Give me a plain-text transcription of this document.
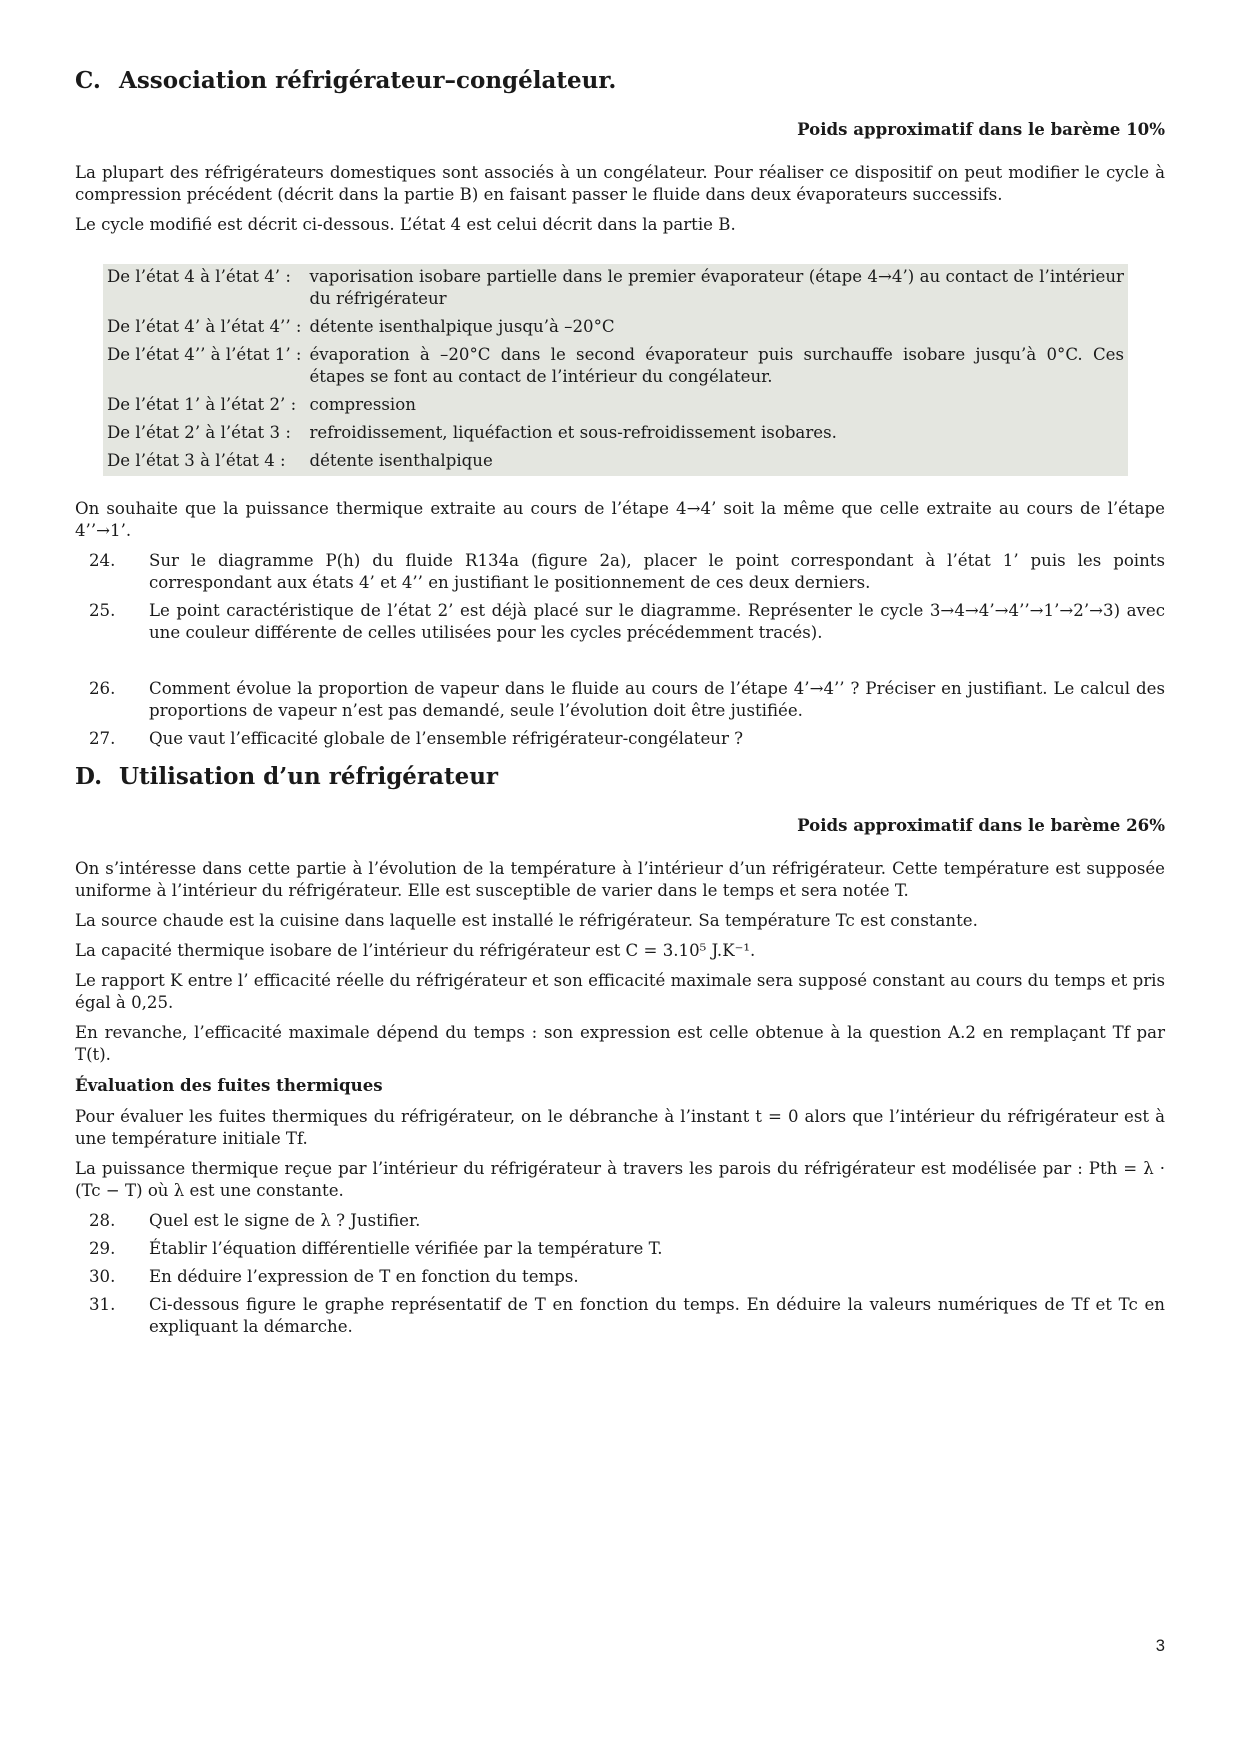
C. Association réfrigérateur–congélateur.
Poids approximatif dans le barème 10%

La plupart des réfrigérateurs domestiques sont associés à un congélateur. Pour réaliser ce dispositif on peut modifier le cycle à compression précédent (décrit dans la partie B) en faisant passer le fluide dans deux évaporateurs successifs.

Le cycle modifié est décrit ci-dessous. L’état 4 est celui décrit dans la partie B.

De l’état 4 à l’état 4’ :	vaporisation isobare partielle dans le premier évaporateur (étape 4→4’) au contact de l’intérieur du réfrigérateur
De l’état 4’ à l’état 4’’ :	détente isenthalpique jusqu’à –20°C
De l’état 4’’ à l’état 1’ :	évaporation à –20°C dans le second évaporateur puis surchauffe isobare jusqu’à 0°C. Ces étapes se font au contact de l’intérieur du congélateur.
De l’état 1’ à l’état 2’ :	compression
De l’état 2’ à l’état 3 :	refroidissement, liquéfaction et sous-refroidissement isobares.
De l’état 3 à l’état 4 :	détente isenthalpique

On souhaite que la puissance thermique extraite au cours de l’étape 4→4’ soit la même que celle extraite au cours de l’étape 4’’→1’.

24.	Sur le diagramme P(h) du fluide R134a (figure 2a), placer le point correspondant à l’état 1’ puis les points correspondant aux états 4’ et 4’’ en justifiant le positionnement de ces deux derniers.
25.	Le point caractéristique de l’état 2’ est déjà placé sur le diagramme. Représenter le cycle 3→4→4’→4’’→1’→2’→3) avec une couleur différente de celles utilisées pour les cycles précédemment tracés).
26.	Comment évolue la proportion de vapeur dans le fluide au cours de l’étape 4’→4’’ ? Préciser en justifiant. Le calcul des proportions de vapeur n’est pas demandé, seule l’évolution doit être justifiée.
27.	Que vaut l’efficacité globale de l’ensemble réfrigérateur-congélateur ?
D. Utilisation d’un réfrigérateur
Poids approximatif dans le barème 26%

On s’intéresse dans cette partie à l’évolution de la température à l’intérieur d’un réfrigérateur. Cette température est supposée uniforme à l’intérieur du réfrigérateur. Elle est susceptible de varier dans le temps et sera notée T.

La source chaude est la cuisine dans laquelle est installé le réfrigérateur. Sa température Tc est constante.

La capacité thermique isobare de l’intérieur du réfrigérateur est C = 3.10⁵ J.K⁻¹.

Le rapport K entre l’ efficacité réelle du réfrigérateur et son efficacité maximale sera supposé constant au cours du temps et pris égal à 0,25.

En revanche, l’efficacité maximale dépend du temps : son expression est celle obtenue à la question A.2 en remplaçant Tf par T(t).

Évaluation des fuites thermiques

Pour évaluer les fuites thermiques du réfrigérateur, on le débranche à l’instant t = 0 alors que l’intérieur du réfrigérateur est à une température initiale Tf.

La puissance thermique reçue par l’intérieur du réfrigérateur à travers les parois du réfrigérateur est modélisée par : Pth = λ · (Tc − T) où λ est une constante.

28.	Quel est le signe de λ ? Justifier.
29.	Établir l’équation différentielle vérifiée par la température T.
30.	En déduire l’expression de T en fonction du temps.
31.	Ci-dessous figure le graphe représentatif de T en fonction du temps. En déduire la valeurs numériques de Tf et Tc en expliquant la démarche.
3
